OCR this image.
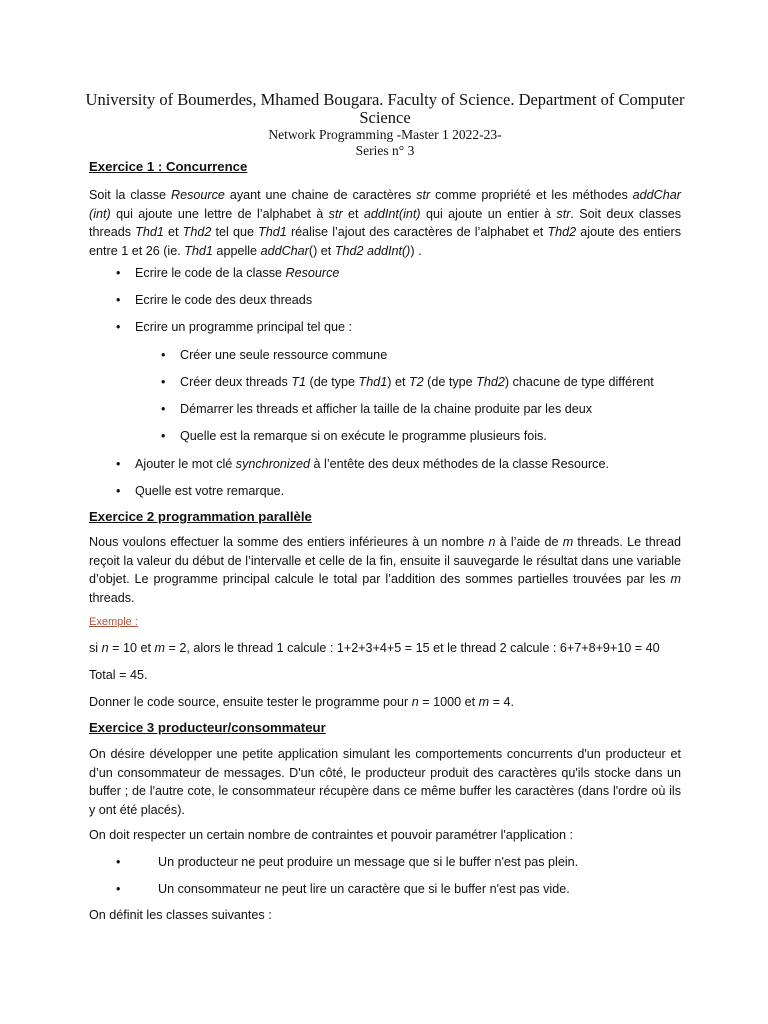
University of Boumerdes, Mhamed Bougara. Faculty of Science. Department of Computer Science
Network Programming -Master 1 2022-23-
Series n° 3
Exercice 1 : Concurrence
Soit la classe Resource ayant une chaine de caractères str comme propriété et les méthodes addChar (int) qui ajoute une lettre de l’alphabet à str et addInt(int) qui ajoute un entier à str. Soit deux classes threads Thd1 et Thd2 tel que Thd1 réalise l’ajout des caractères de l’alphabet et Thd2 ajoute des entiers entre 1 et 26 (ie. Thd1 appelle addChar() et Thd2 addInt()) .
• Ecrire le code de la classe Resource
• Ecrire le code des deux threads
• Ecrire un programme principal tel que :
• Créer une seule ressource commune
• Créer deux threads T1 (de type Thd1) et T2 (de type Thd2) chacune de type différent
• Démarrer les threads et afficher la taille de la chaine produite par les deux
• Quelle est la remarque si on exécute le programme plusieurs fois.
• Ajouter le mot clé synchronized à l’entête des deux méthodes de la classe Resource.
• Quelle est votre remarque.
Exercice 2 programmation parallèle
Nous voulons effectuer la somme des entiers inférieures à un nombre n à l’aide de m threads. Le thread reçoit la valeur du début de l’intervalle et celle de la fin, ensuite il sauvegarde le résultat dans une variable d’objet. Le programme principal calcule le total par l’addition des sommes partielles trouvées par les m threads.
Exemple :
si n = 10 et m = 2, alors le thread 1 calcule : 1+2+3+4+5 = 15 et le thread 2 calcule : 6+7+8+9+10 = 40
Total = 45.
Donner le code source, ensuite tester le programme pour n = 1000 et m = 4.
Exercice 3 producteur/consommateur
On désire développer une petite application simulant les comportements concurrents d'un producteur et d’un consommateur de messages. D'un côté, le producteur produit des caractères qu'ils stocke dans un buffer ; de l'autre cote, le consommateur récupère dans ce même buffer les caractères (dans l'ordre où ils y ont été placés).
On doit respecter un certain nombre de contraintes et pouvoir paramétrer l'application :
•	Un producteur ne peut produire un message que si le buffer n'est pas plein.
•	Un consommateur ne peut lire un caractère que si le buffer n'est pas vide.
On définit les classes suivantes :
